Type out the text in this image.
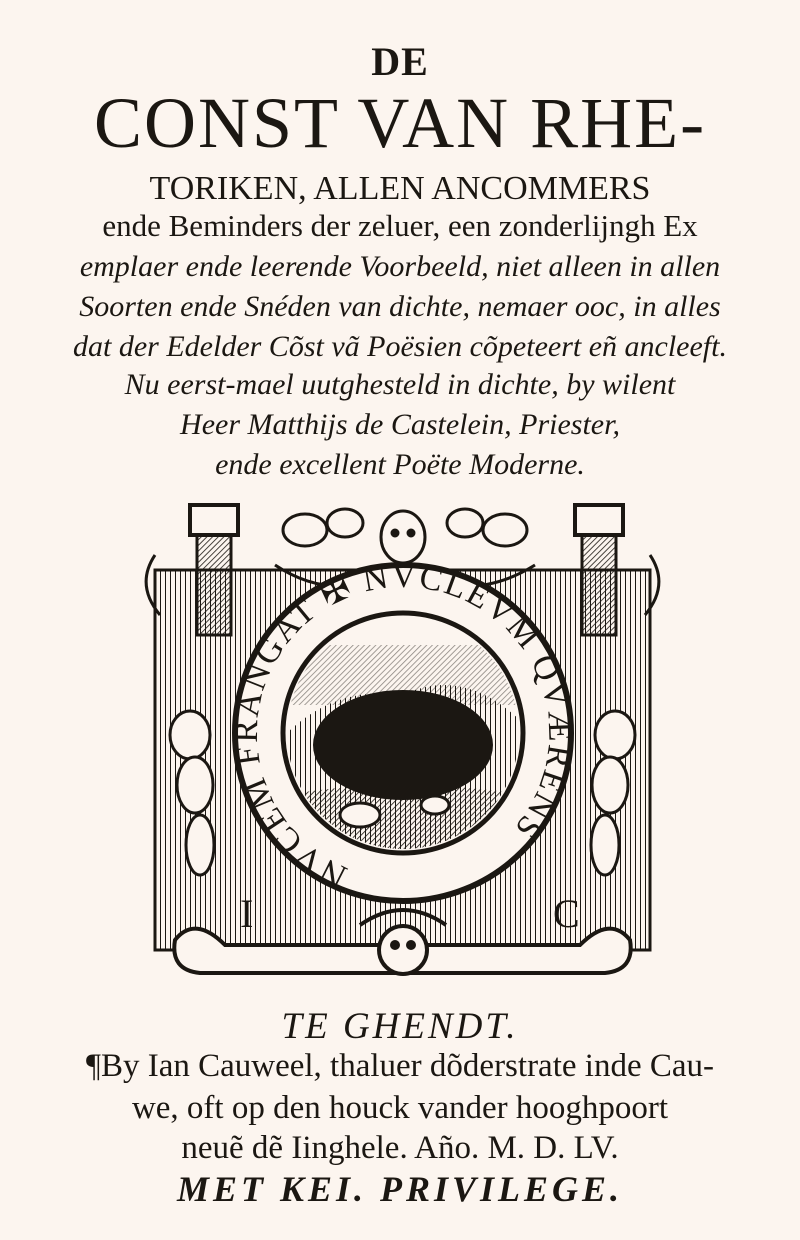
DE
CONST VAN RHE-
TORIKEN, ALLEN ANCOMMERS
ende Beminders der zeluer, een zonderlijngh Ex
emplaer ende leerende Voorbeeld, niet alleen in allen
Soorten ende Snéden van dichte, nemaer ooc, in alles
dat der Edelder Cõst vã Poësien cõpeteert eñ ancleeft.
Nu eerst-mael uutghesteld in dichte, by wilent
Heer Matthijs de Castelein, Priester,
ende excellent Poëte Moderne.
I	C
NVCEM FRANGAT ✠ NVCLEVM QVÆRENS
TE GHENDT.
¶By Ian Cauweel, thaluer dõderstrate inde Cau-
we, oft op den houck vander hooghpoort
neuẽ dẽ Iinghele. Año. M. D. LV.
MET KEI. PRIVILEGE.
